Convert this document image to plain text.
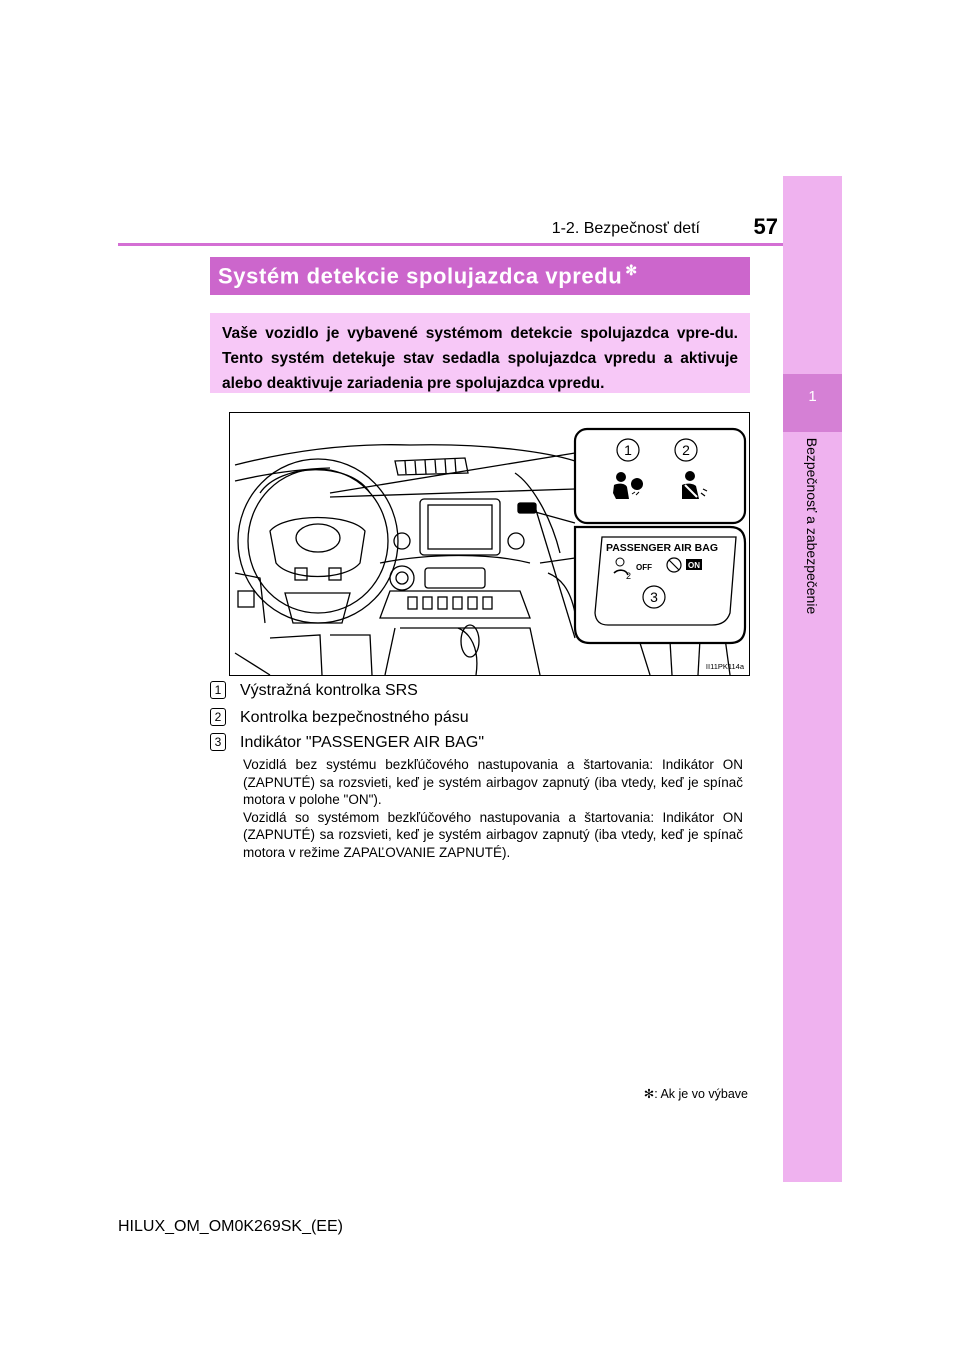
1
Bezpečnosť a zabezpečenie
1-2. Bezpečnosť detí	57
Systém detekcie spolujazdca vpredu ✻
Vaše vozidlo je vybavené systémom detekcie spolujazdca vpre-du. Tento systém detekuje stav sedadla spolujazdca vpredu a aktivuje alebo deaktivuje zariadenia pre spolujazdca vpredu.
1	2
PASSENGER AIR BAG
2
OFF	ON
3
II11PK114a
1 Výstražná kontrolka SRS
2 Kontrolka bezpečnostného pásu
3 Indikátor "PASSENGER AIR BAG"
Vozidlá bez systému bezkľúčového nastupovania a štartovania: Indikátor ON (ZAPNUTÉ) sa rozsvieti, keď je systém airbagov zapnutý (iba vtedy, keď je spínač motora v polohe "ON").
Vozidlá so systémom bezkľúčového nastupovania a štartovania: Indikátor ON (ZAPNUTÉ) sa rozsvieti, keď je systém airbagov zapnutý (iba vtedy, keď je spínač motora v režime ZAPAĽOVANIE ZAPNUTÉ).
✻: Ak je vo výbave
HILUX_OM_OM0K269SK_(EE)
